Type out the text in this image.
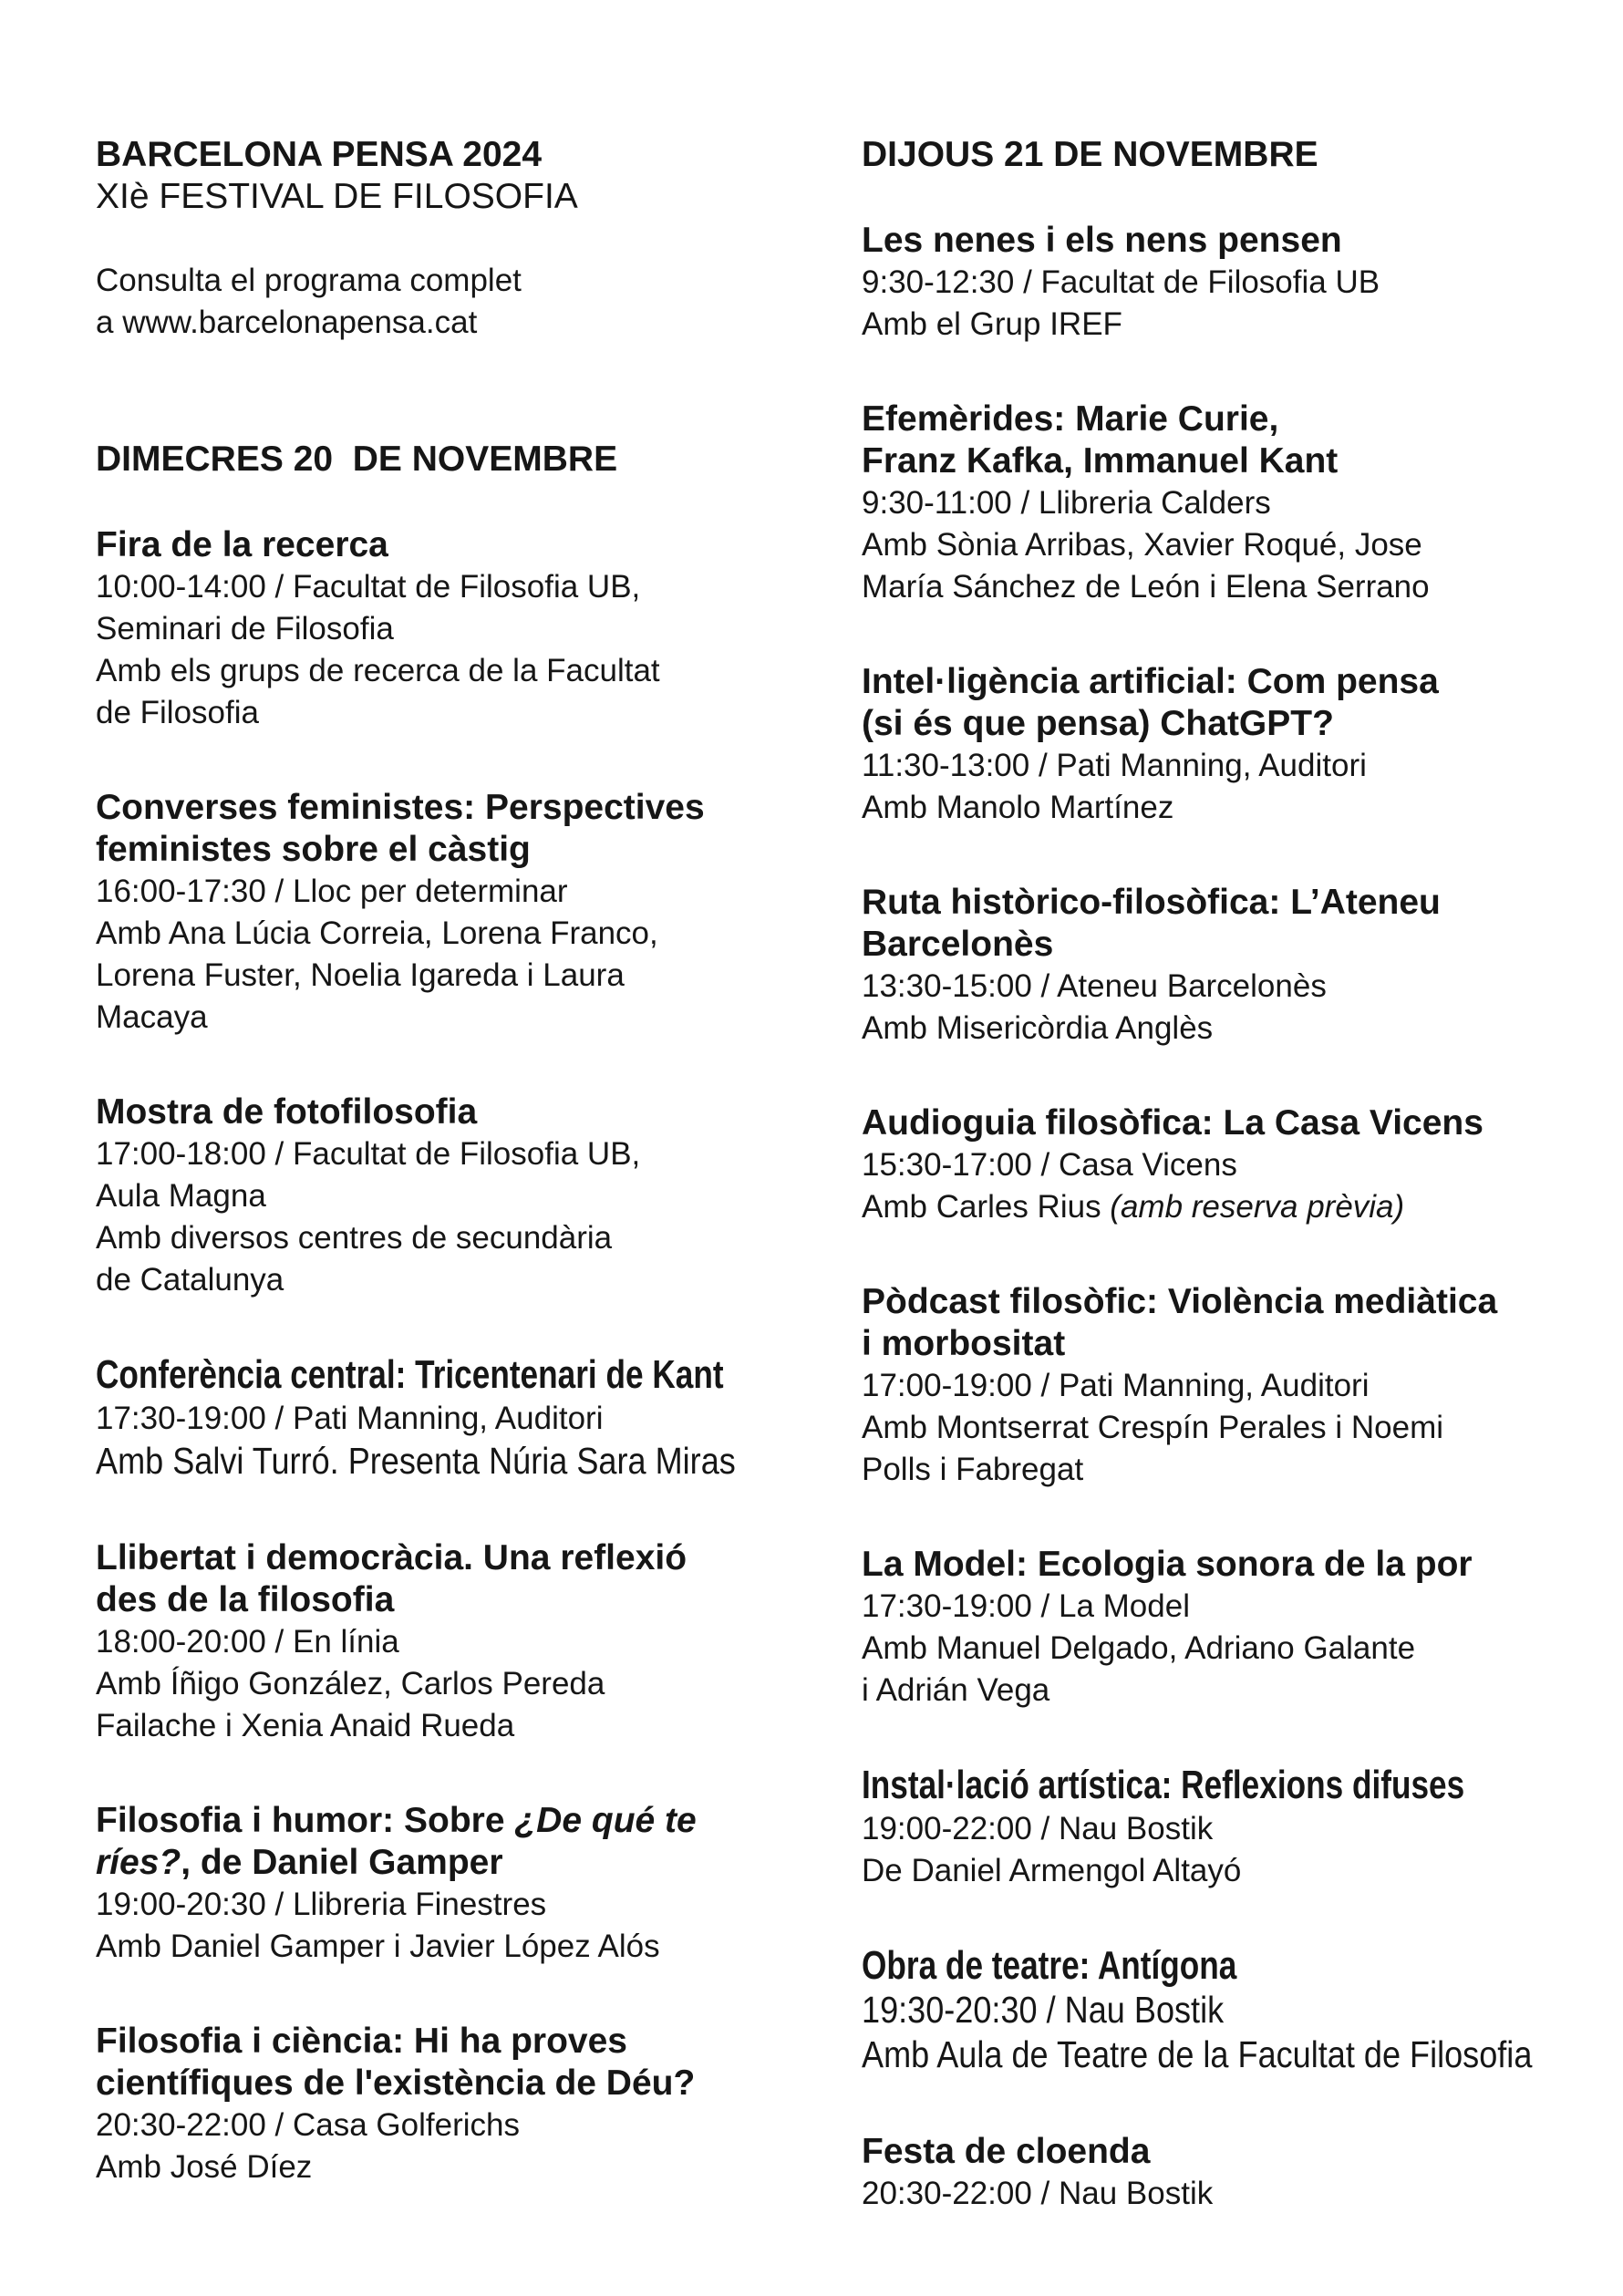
BARCELONA PENSA 2024
XIè FESTIVAL DE FILOSOFIA
Consulta el programa complet
a www.barcelonapensa.cat
DIMECRES 20  DE NOVEMBRE
Fira de la recerca
10:00-14:00 / Facultat de Filosofia UB,
Seminari de Filosofia
Amb els grups de recerca de la Facultat
de Filosofia
Converses feministes: Perspectives
feministes sobre el càstig
16:00-17:30 / Lloc per determinar
Amb Ana Lúcia Correia, Lorena Franco,
Lorena Fuster, Noelia Igareda i Laura
Macaya
Mostra de fotofilosofia
17:00-18:00 / Facultat de Filosofia UB,
Aula Magna
Amb diversos centres de secundària
de Catalunya
Conferència central: Tricentenari de Kant
17:30-19:00 / Pati Manning, Auditori
Amb Salvi Turró. Presenta Núria Sara Miras
Llibertat i democràcia. Una reflexió
des de la filosofia
18:00-20:00 / En línia
Amb Íñigo González, Carlos Pereda
Failache i Xenia Anaid Rueda
Filosofia i humor: Sobre ¿De qué te
ríes?, de Daniel Gamper
19:00-20:30 / Llibreria Finestres
Amb Daniel Gamper i Javier López Alós
Filosofia i ciència: Hi ha proves
científiques de l'existència de Déu?
20:30-22:00 / Casa Golferichs
Amb José Díez
DIJOUS 21 DE NOVEMBRE
Les nenes i els nens pensen
9:30-12:30 / Facultat de Filosofia UB
Amb el Grup IREF
Efemèrides: Marie Curie,
Franz Kafka, Immanuel Kant
9:30-11:00 / Llibreria Calders
Amb Sònia Arribas, Xavier Roqué, Jose
María Sánchez de León i Elena Serrano
Intel·ligència artificial: Com pensa
(si és que pensa) ChatGPT?
11:30-13:00 / Pati Manning, Auditori
Amb Manolo Martínez
Ruta històrico-filosòfica: L’Ateneu
Barcelonès
13:30-15:00 / Ateneu Barcelonès
Amb Misericòrdia Anglès
Audioguia filosòfica: La Casa Vicens
15:30-17:00 / Casa Vicens
Amb Carles Rius (amb reserva prèvia)
Pòdcast filosòfic: Violència mediàtica
i morbositat
17:00-19:00 / Pati Manning, Auditori
Amb Montserrat Crespín Perales i Noemi
Polls i Fabregat
La Model: Ecologia sonora de la por
17:30-19:00 / La Model
Amb Manuel Delgado, Adriano Galante
i Adrián Vega
Instal·lació artística: Reflexions difuses
19:00-22:00 / Nau Bostik
De Daniel Armengol Altayó
Obra de teatre: Antígona
19:30-20:30 / Nau Bostik
Amb Aula de Teatre de la Facultat de Filosofia
Festa de cloenda
20:30-22:00 / Nau Bostik
